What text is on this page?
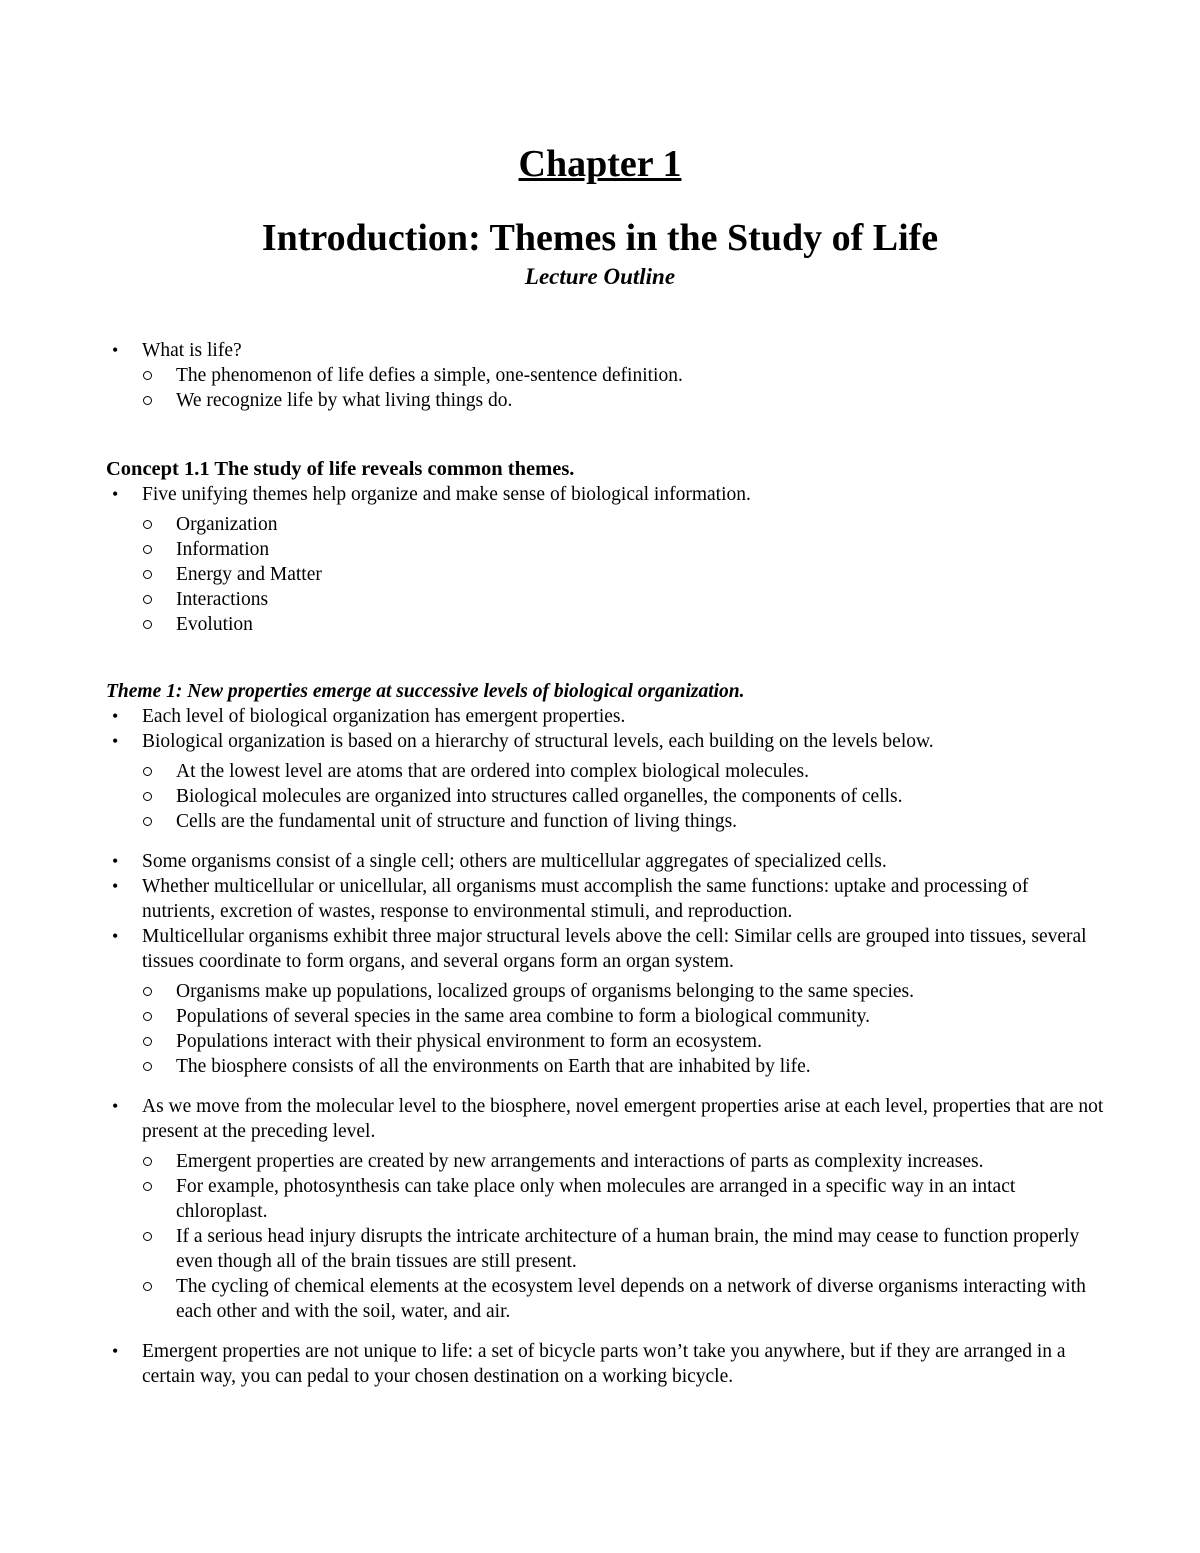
Chapter 1
Introduction: Themes in the Study of Life
Lecture Outline
• What is life?
The phenomenon of life defies a simple, one-sentence definition.
We recognize life by what living things do.
Concept 1.1 The study of life reveals common themes.
• Five unifying themes help organize and make sense of biological information.
Organization
Information
Energy and Matter
Interactions
Evolution
Theme 1: New properties emerge at successive levels of biological organization.
• Each level of biological organization has emergent properties.
• Biological organization is based on a hierarchy of structural levels, each building on the levels below.
At the lowest level are atoms that are ordered into complex biological molecules.
Biological molecules are organized into structures called organelles, the components of cells.
Cells are the fundamental unit of structure and function of living things.
• Some organisms consist of a single cell; others are multicellular aggregates of specialized cells.
• Whether multicellular or unicellular, all organisms must accomplish the same functions: uptake and processing of nutrients, excretion of wastes, response to environmental stimuli, and reproduction.
• Multicellular organisms exhibit three major structural levels above the cell: Similar cells are grouped into tissues, several tissues coordinate to form organs, and several organs form an organ system.
Organisms make up populations, localized groups of organisms belonging to the same species.
Populations of several species in the same area combine to form a biological community.
Populations interact with their physical environment to form an ecosystem.
The biosphere consists of all the environments on Earth that are inhabited by life.
• As we move from the molecular level to the biosphere, novel emergent properties arise at each level, properties that are not present at the preceding level.
Emergent properties are created by new arrangements and interactions of parts as complexity increases.
For example, photosynthesis can take place only when molecules are arranged in a specific way in an intact chloroplast.
If a serious head injury disrupts the intricate architecture of a human brain, the mind may cease to function properly even though all of the brain tissues are still present.
The cycling of chemical elements at the ecosystem level depends on a network of diverse organisms interacting with each other and with the soil, water, and air.
• Emergent properties are not unique to life: a set of bicycle parts won’t take you anywhere, but if they are arranged in a certain way, you can pedal to your chosen destination on a working bicycle.
